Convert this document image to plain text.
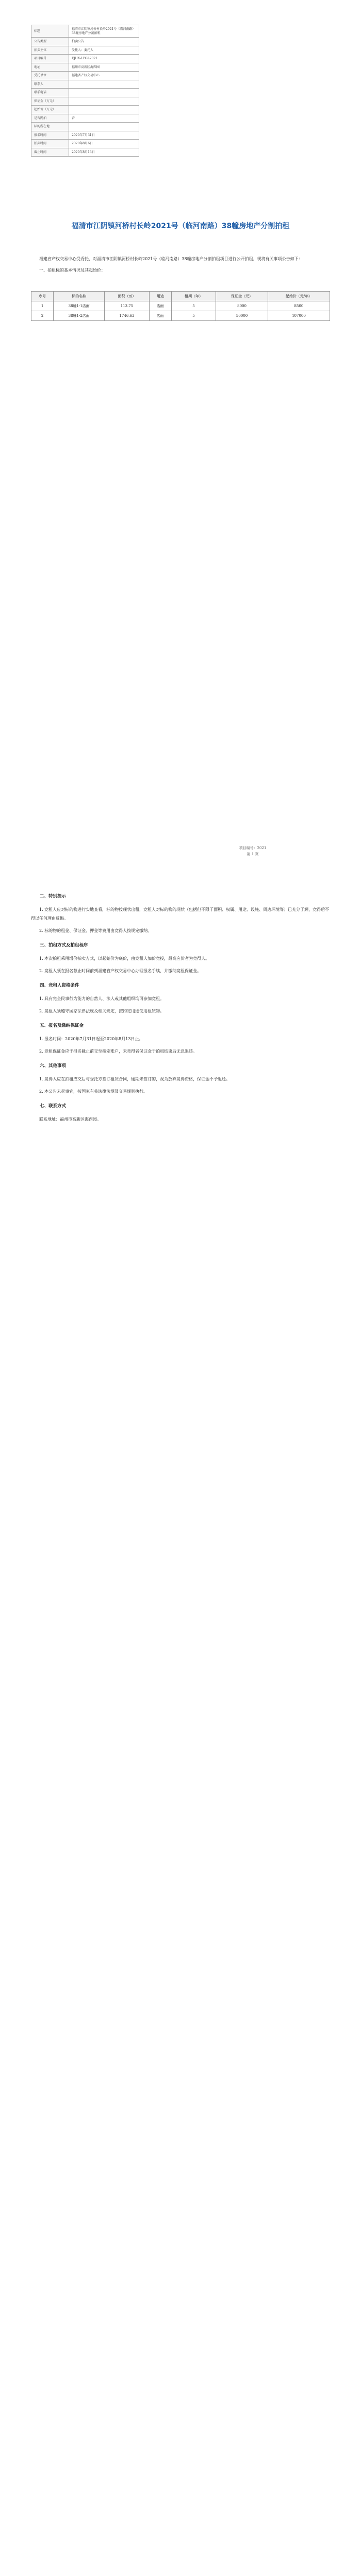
标题	福清市江阴镇河桥村长岭2021号（临河南路）38幢房地产分割拍租
公告类型	拍卖公告
拍卖主体	受托人：委托人
项目编号	FJHX-LPGL2021
地址	福州市高新区海西园
受托单位	福建省产权交易中心
联系人	
联系电话	
保证金（万元）	
起始价（万元）	
是否网拍	否
标的所在地	
报名时间	2020年7月31日
拍卖时间	2020年8月6日
截止时间	2020年8月13日
福清市江阴镇河桥村长岭2021号（临河南路）38幢房地产分割拍租

福建省产权交易中心受委托，对福清市江阴镇河桥村长岭2021号（临河南路）38幢房地产分割拍租项目进行公开拍租，现将有关事项公告如下：

一、拍租标的基本情况及其起始价：

序号	标的名称	面积（㎡）	用途	租期（年）	保证金（元）	起始价（元/年）
1	38幢1-1店面	113.75	店面	5	8000	8500
2	38幢1-2店面	1746.63	店面	5	50000	107000
项目编号：2021
第 1 页
二、特别提示

1. 竞租人应对标的物进行实地查看，标的物按现状出租，竞租人对标的物的现状（包括但不限于面积、权属、用途、设施、周边环境等）已充分了解，竞得后不得以任何理由反悔。

2. 标的物的租金、保证金、押金等费用由竞得人按规定缴纳。

三、拍租方式及拍租程序

1. 本次拍租采用增价拍卖方式，以起始价为底价，由竞租人加价竞投，最高应价者为竞得人。

2. 竞租人须在报名截止时间前到福建省产权交易中心办理报名手续，并缴纳竞租保证金。

四、竞租人资格条件

1. 具有完全民事行为能力的自然人、法人或其他组织均可参加竞租。

2. 竞租人须遵守国家法律法规及相关规定，按约定用途使用租赁物。

五、报名及缴纳保证金

1. 报名时间：2020年7月31日起至2020年8月13日止。

2. 竞租保证金应于报名截止前交至指定账户，未竞得者保证金于拍租结束后无息退还。

六、其他事项

1. 竞得人应在拍租成交后与委托方签订租赁合同，逾期未签订的，视为放弃竞得资格，保证金不予退还。

2. 本公告未尽事宜，按国家有关法律法规及交易规则执行。

七、联系方式

联系地址：福州市高新区海西园。
